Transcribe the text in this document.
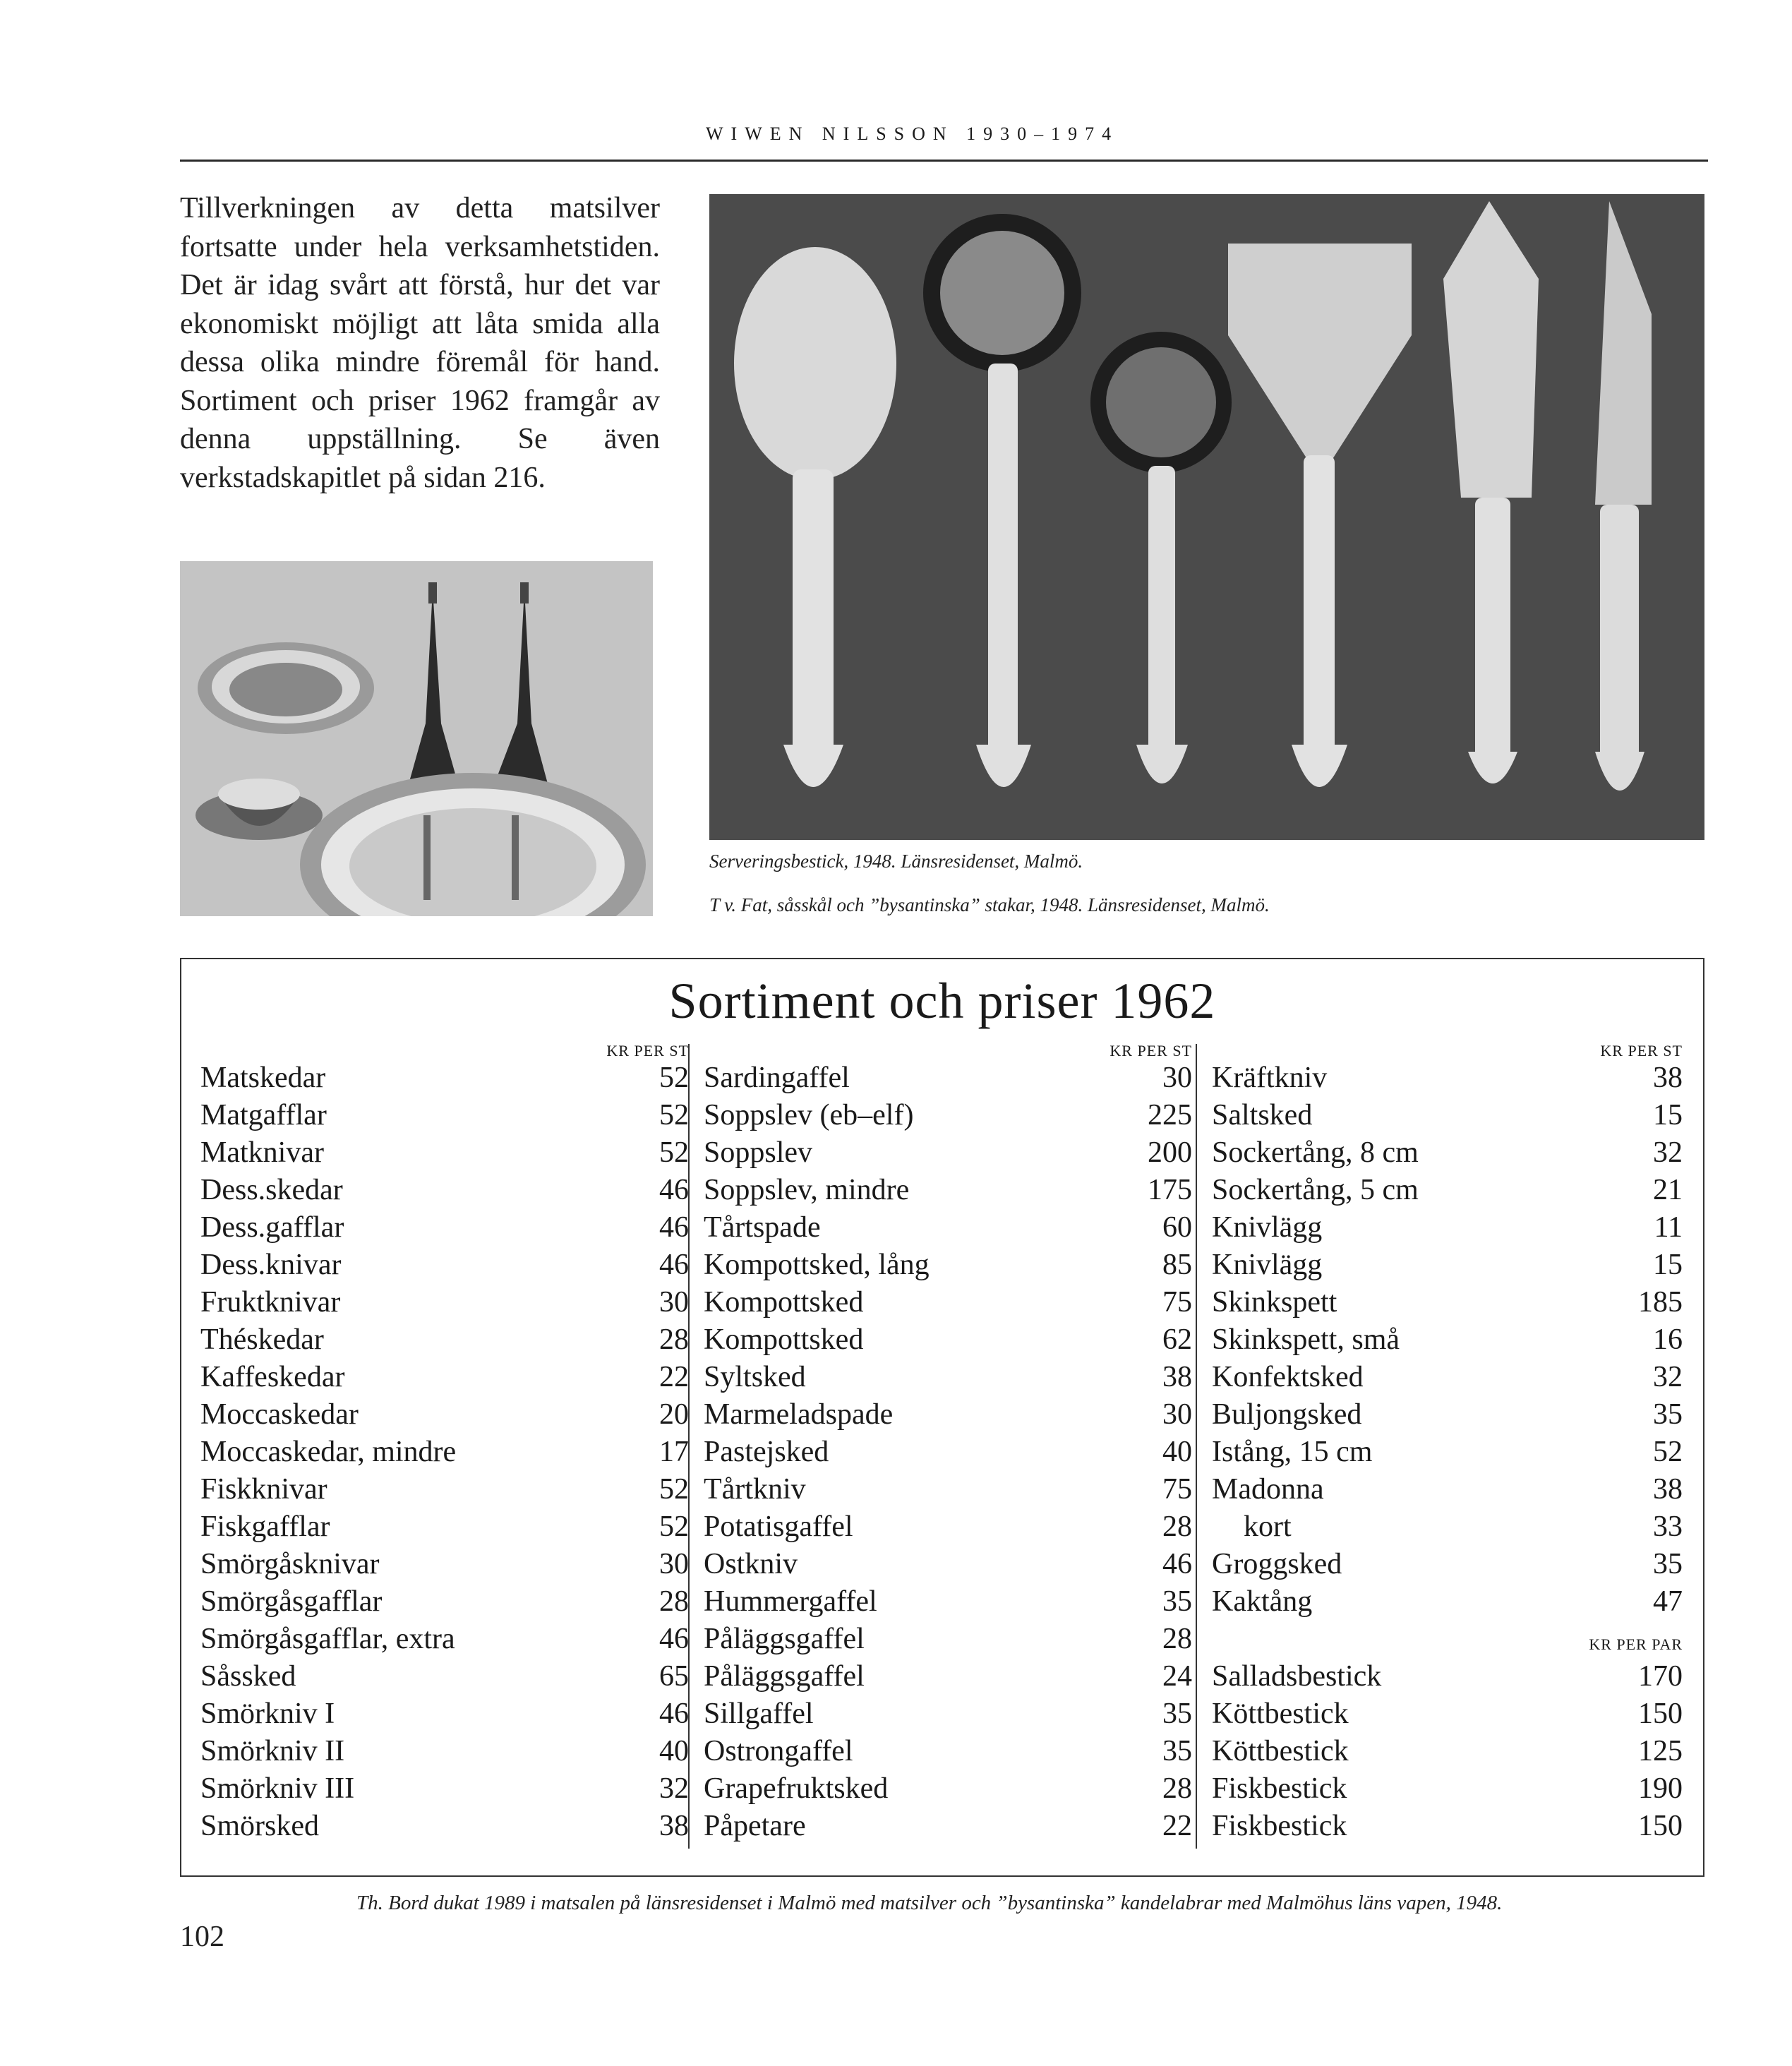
WIWEN NILSSON 1930–1974
Tillverkningen av detta matsilver fortsatte under hela verksamhetstiden. Det är idag svårt att förstå, hur det var ekonomiskt möjligt att låta smida alla dessa olika mindre föremål för hand. Sortiment och priser 1962 framgår av denna uppställning. Se även verkstadskapitlet på sidan 216.
Serveringsbestick, 1948. Länsresidenset, Malmö.
T v. Fat, såsskål och ”bysantinska” stakar, 1948. Länsresidenset, Malmö.
Sortiment och priser 1962
KR PER ST
Matskedar	52
Matgafflar	52
Matknivar	52
Dess.skedar	46
Dess.gafflar	46
Dess.knivar	46
Fruktknivar	30
Théskedar	28
Kaffeskedar	22
Moccaskedar	20
Moccaskedar, mindre	17
Fiskknivar	52
Fiskgafflar	52
Smörgåsknivar	30
Smörgåsgafflar	28
Smörgåsgafflar, extra	46
Såssked	65
Smörkniv I	46
Smörkniv II	40
Smörkniv III	32
Smörsked	38
KR PER ST
Sardingaffel	30
Soppslev (eb–elf)	225
Soppslev	200
Soppslev, mindre	175
Tårtspade	60
Kompottsked, lång	85
Kompottsked	75
Kompottsked	62
Syltsked	38
Marmeladspade	30
Pastejsked	40
Tårtkniv	75
Potatisgaffel	28
Ostkniv	46
Hummergaffel	35
Påläggsgaffel	28
Påläggsgaffel	24
Sillgaffel	35
Ostrongaffel	35
Grapefruktsked	28
Påpetare	22
KR PER ST
Kräftkniv	38
Saltsked	15
Sockertång, 8 cm	32
Sockertång, 5 cm	21
Knivlägg	11
Knivlägg	15
Skinkspett	185
Skinkspett, små	16
Konfektsked	32
Buljongsked	35
Istång, 15 cm	52
Madonna	38
kort	33
Groggsked	35
Kaktång	47
KR PER PAR
Salladsbestick	170
Köttbestick	150
Köttbestick	125
Fiskbestick	190
Fiskbestick	150
Th. Bord dukat 1989 i matsalen på länsresidenset i Malmö med matsilver och ”bysantinska” kandelabrar med Malmöhus läns vapen, 1948.
102
